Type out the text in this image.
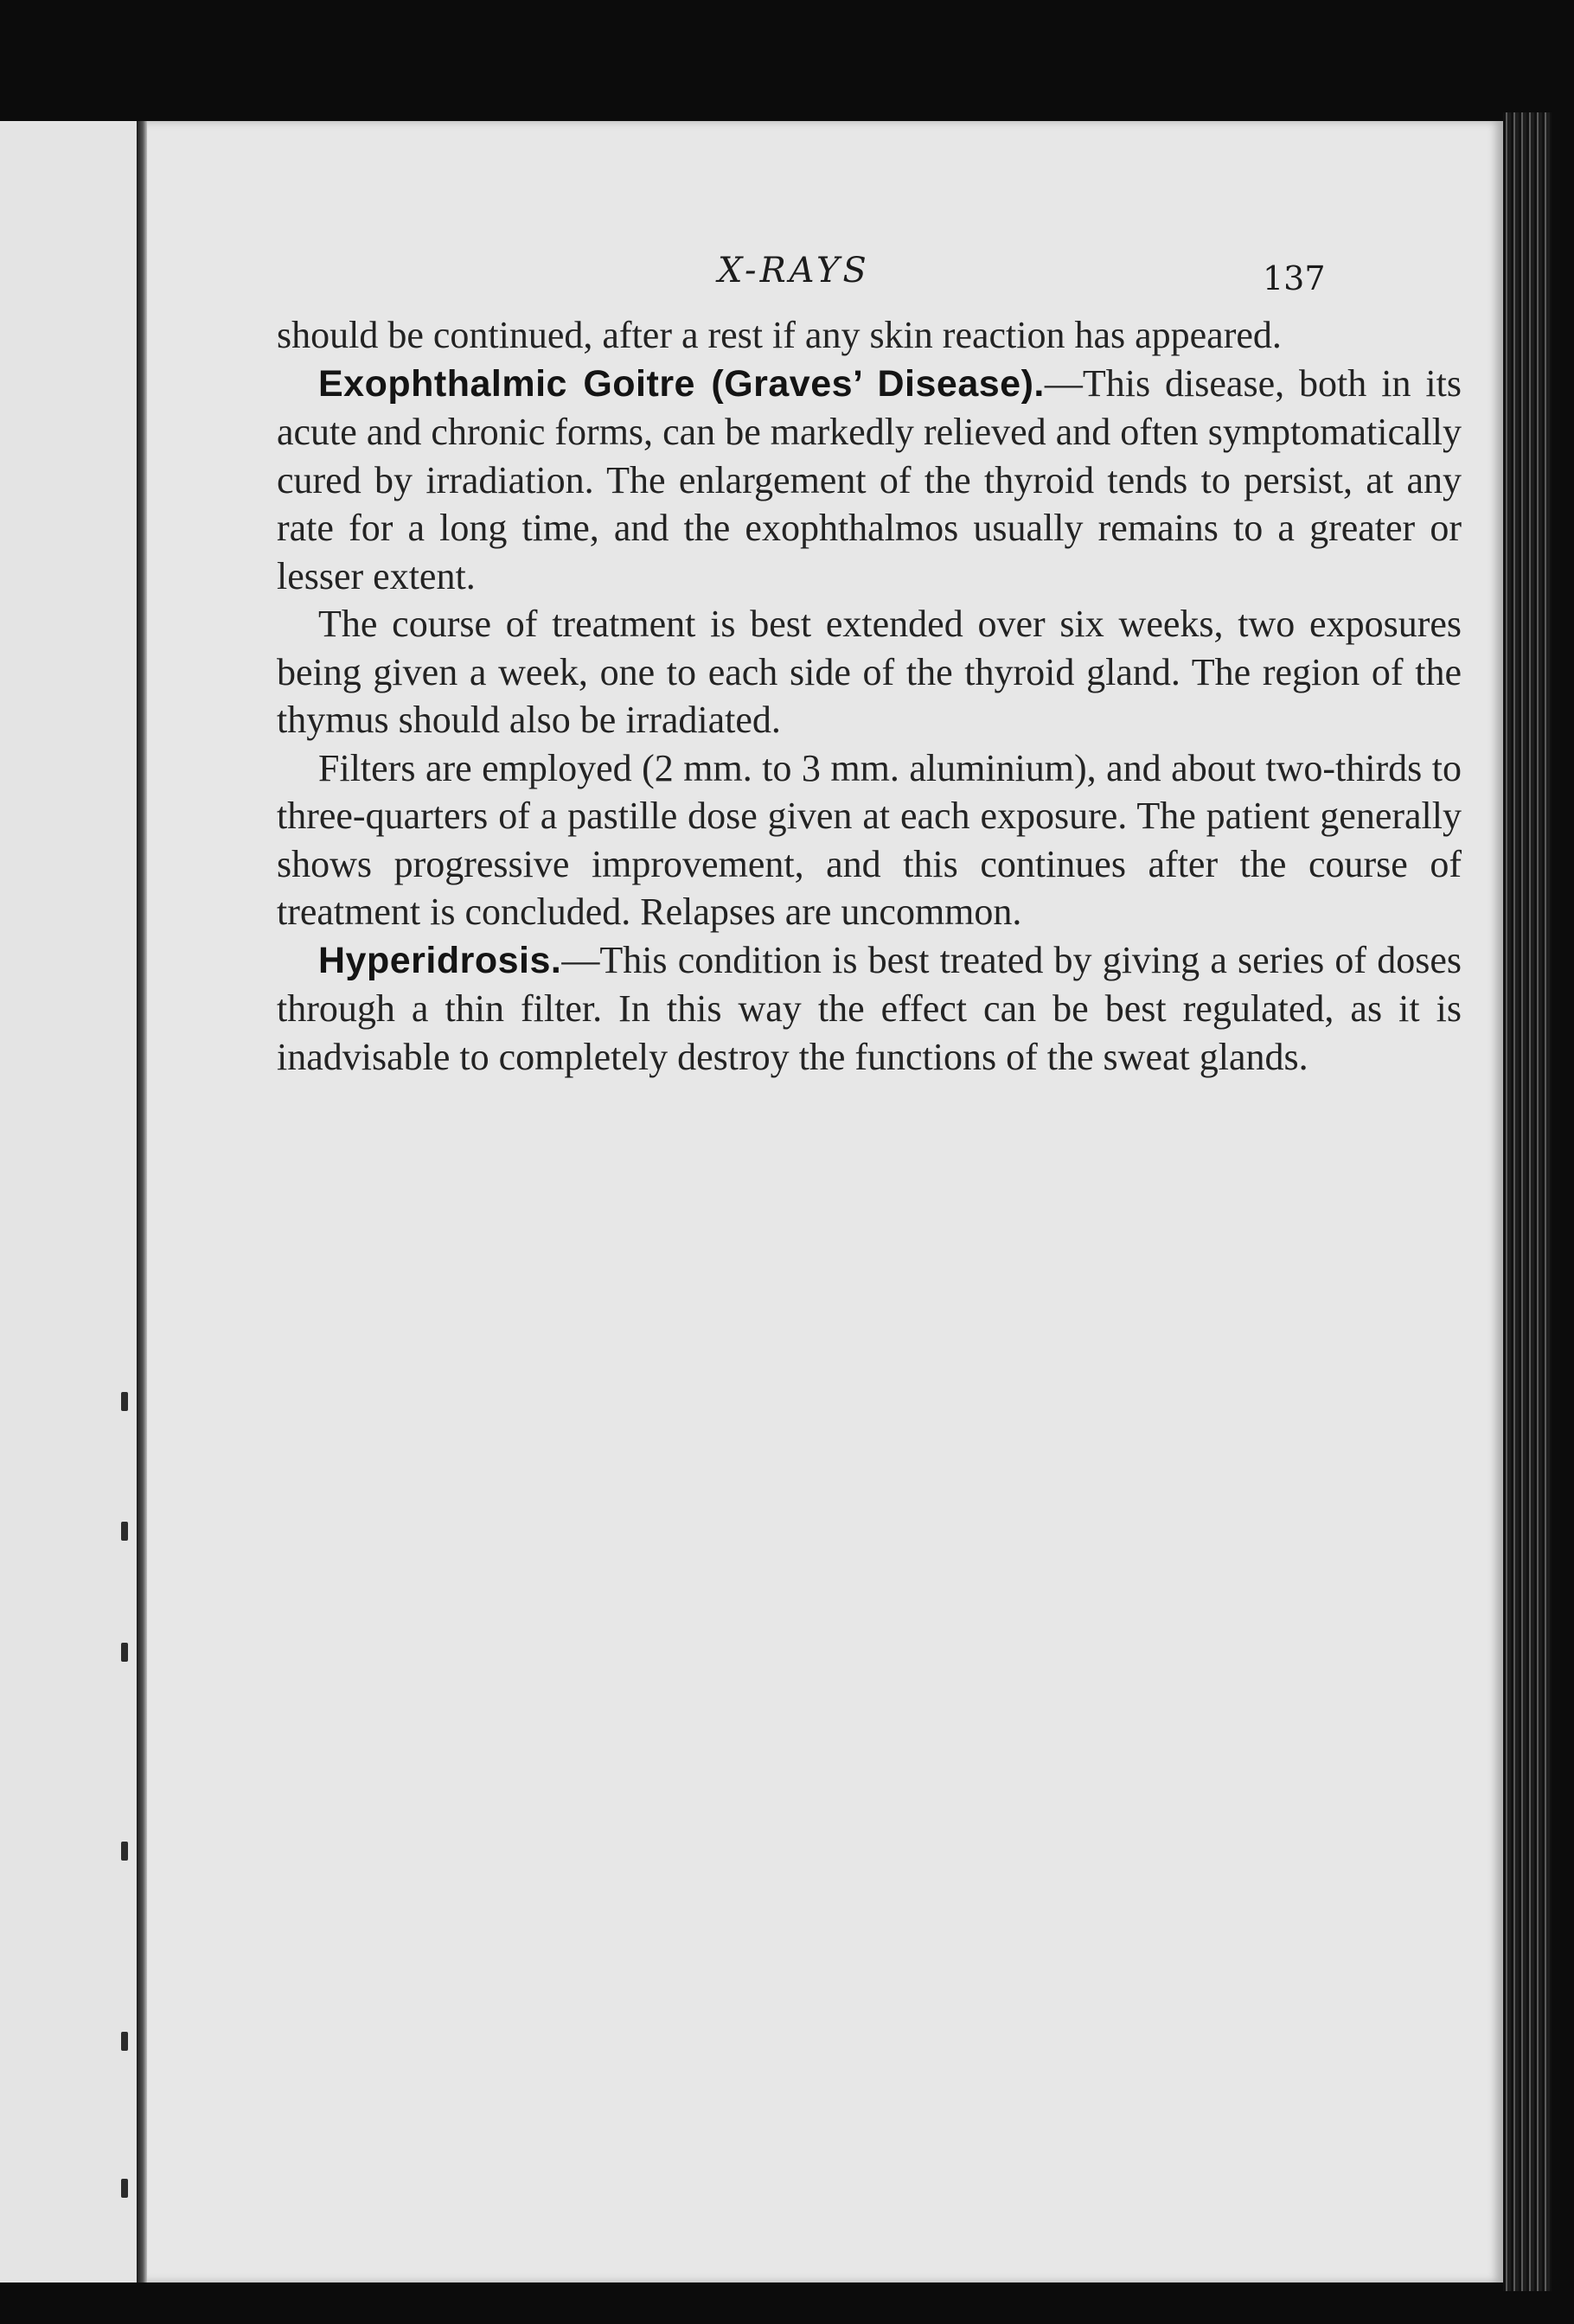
X-RAYS	137

should be continued, after a rest if any skin reaction has appeared.

Exophthalmic Goitre (Graves’ Disease).—This disease, both in its acute and chronic forms, can be markedly relieved and often symptomatically cured by irradiation. The enlargement of the thyroid tends to persist, at any rate for a long time, and the exophthalmos usually remains to a greater or lesser extent.

The course of treatment is best extended over six weeks, two exposures being given a week, one to each side of the thyroid gland. The region of the thymus should also be irradiated.

Filters are employed (2 mm. to 3 mm. aluminium), and about two-thirds to three-quarters of a pastille dose given at each exposure. The patient generally shows progressive improvement, and this continues after the course of treatment is concluded. Relapses are uncommon.

Hyperidrosis.—This condition is best treated by giving a series of doses through a thin filter. In this way the effect can be best regulated, as it is inadvisable to completely destroy the functions of the sweat glands.
